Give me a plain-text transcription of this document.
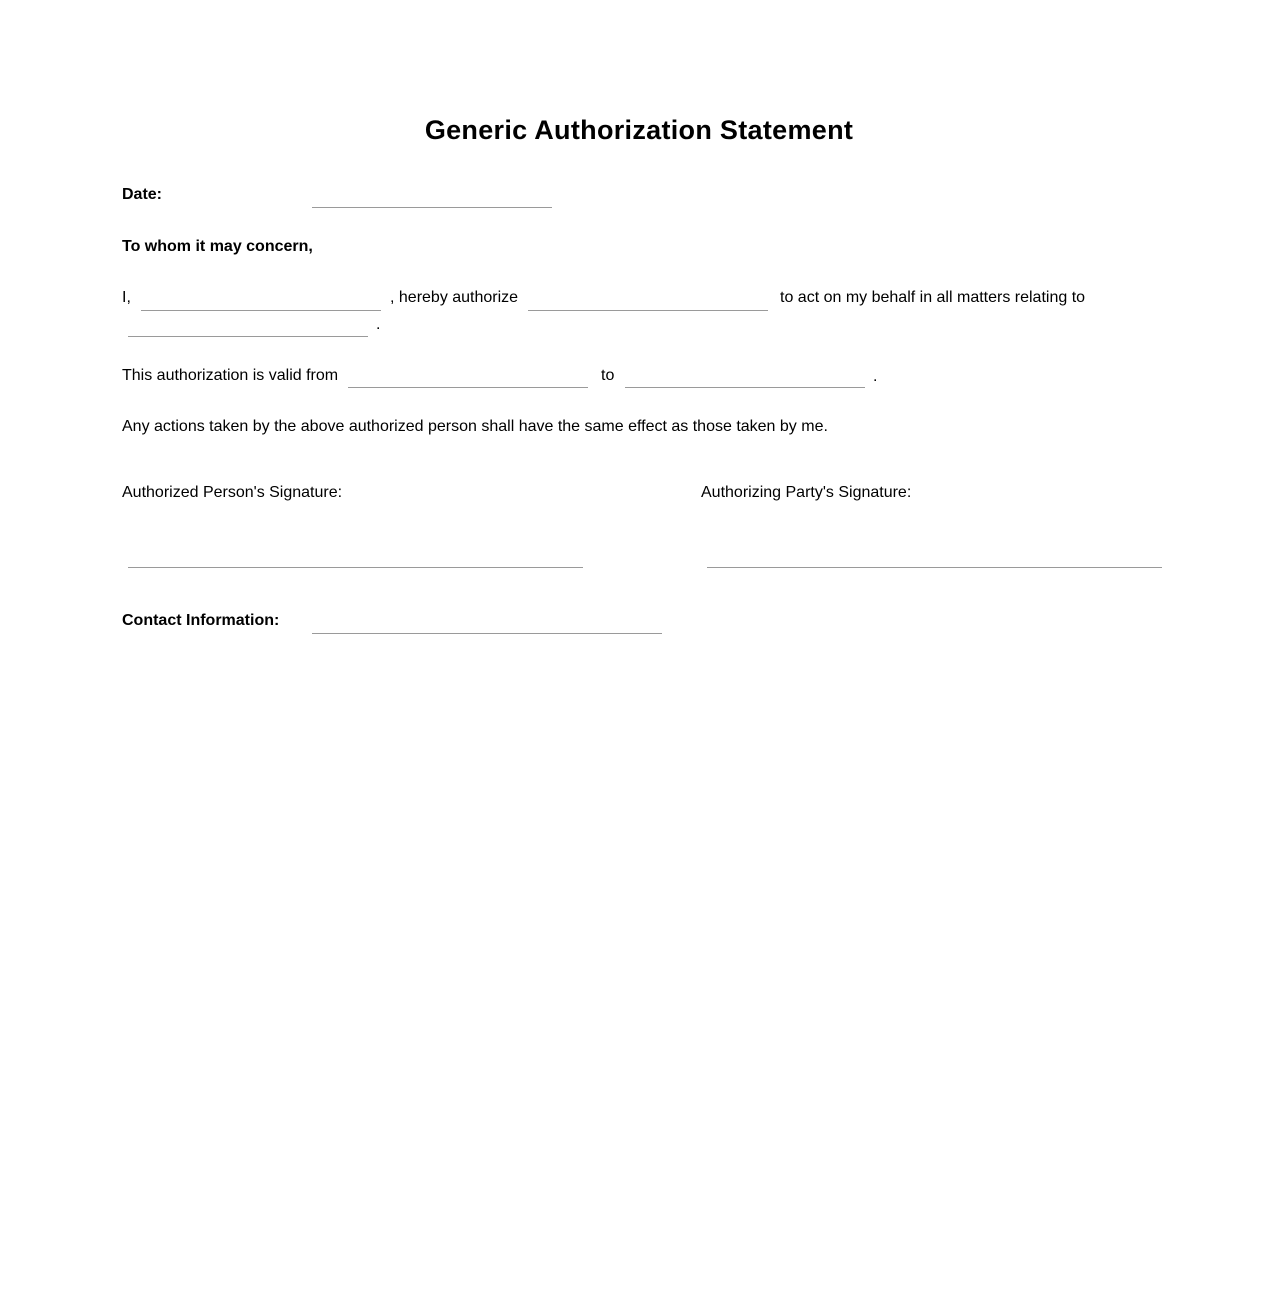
Generic Authorization Statement
Date:
To whom it may concern,
I,	, hereby authorize	to act on my behalf in all matters relating to
.
This authorization is valid from	to	.
Any actions taken by the above authorized person shall have the same effect as those taken by me.
Authorized Person's Signature:	Authorizing Party's Signature:
Contact Information:
